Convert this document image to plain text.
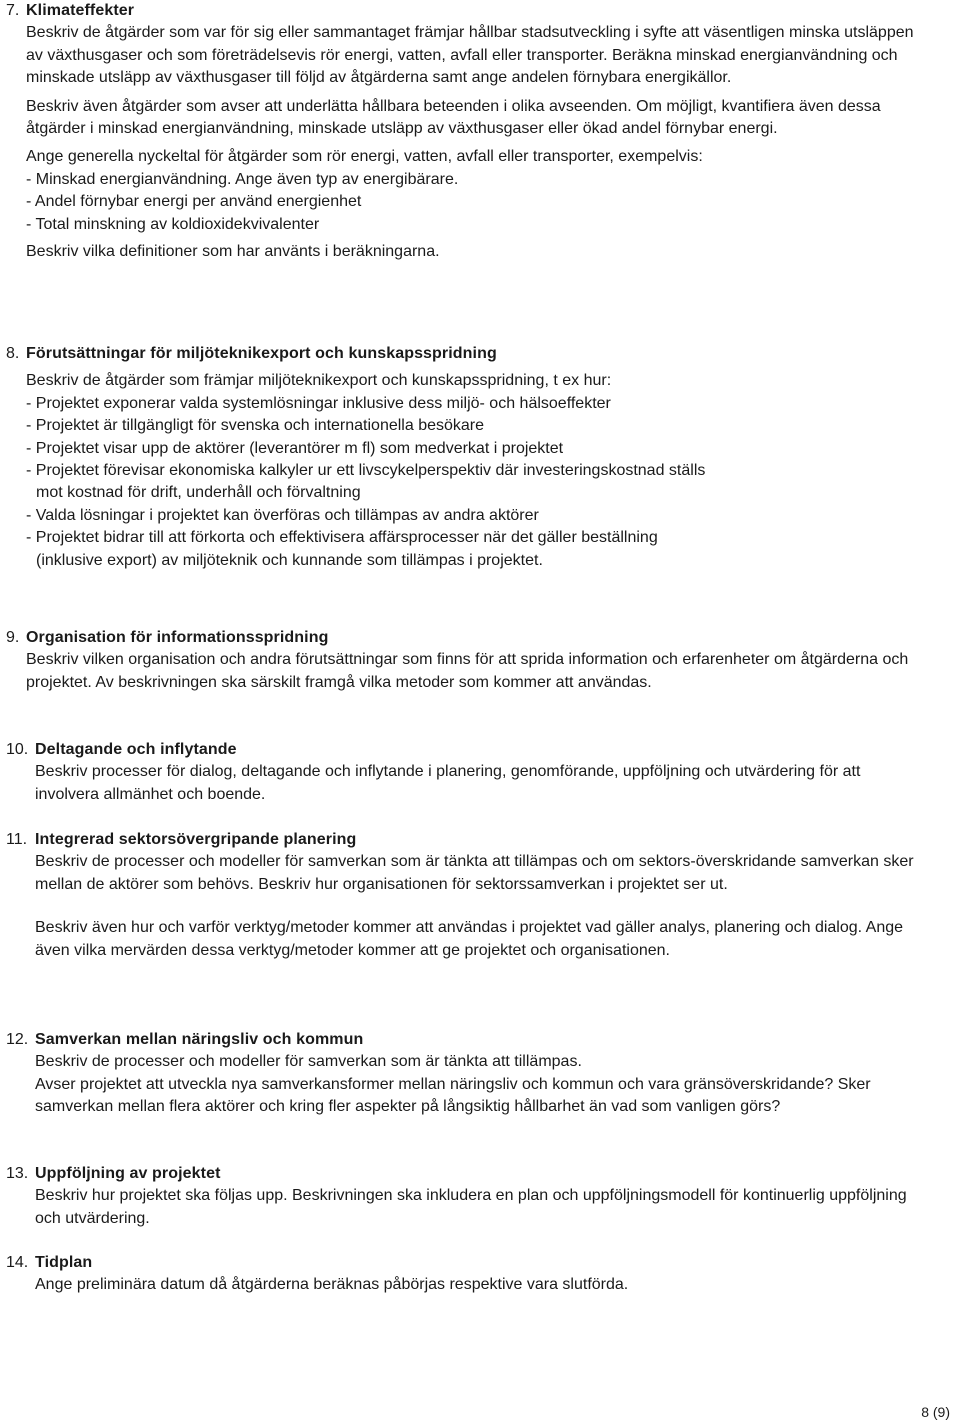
7. Klimateffekter

Beskriv de åtgärder som var för sig eller sammantaget främjar hållbar stadsutveckling i syfte att väsentligen minska utsläppen av växthusgaser och som företrädelsevis rör energi, vatten, avfall eller transporter. Beräkna minskad energianvändning och minskade utsläpp av växthusgaser till följd av åtgärderna samt ange andelen förnybara energikällor.

Beskriv även åtgärder som avser att underlätta hållbara beteenden i olika avseenden. Om möjligt, kvantifiera även dessa åtgärder i minskad energianvändning, minskade utsläpp av växthusgaser eller ökad andel förnybar energi.

Ange generella nyckeltal för åtgärder som rör energi, vatten, avfall eller transporter, exempelvis:

- Minskad energianvändning. Ange även typ av energibärare.

- Andel förnybar energi per använd energienhet

- Total minskning av koldioxidekvivalenter

Beskriv vilka definitioner som har använts i beräkningarna.

8. Förutsättningar för miljöteknikexport och kunskapsspridning

Beskriv de åtgärder som främjar miljöteknikexport och kunskapsspridning, t ex hur:

- Projektet exponerar valda systemlösningar inklusive dess miljö- och hälsoeffekter

- Projektet är tillgängligt för svenska och internationella besökare

- Projektet visar upp de aktörer (leverantörer m fl) som medverkat i projektet

- Projektet förevisar ekonomiska kalkyler ur ett livscykelperspektiv där investeringskostnad ställs
mot kostnad för drift, underhåll och förvaltning

- Valda lösningar i projektet kan överföras och tillämpas av andra aktörer

- Projektet bidrar till att förkorta och effektivisera affärsprocesser när det gäller beställning
(inklusive export) av miljöteknik och kunnande som tillämpas i projektet.

9. Organisation för informationsspridning

Beskriv vilken organisation och andra förutsättningar som finns för att sprida information och erfarenheter om åtgärderna och projektet. Av beskrivningen ska särskilt framgå vilka metoder som kommer att användas.

10. Deltagande och inflytande

Beskriv processer för dialog, deltagande och inflytande i planering, genomförande, uppföljning och utvärdering för att involvera allmänhet och boende.

11. Integrerad sektorsövergripande planering

Beskriv de processer och modeller för samverkan som är tänkta att tillämpas och om sektors-överskridande samverkan sker mellan de aktörer som behövs. Beskriv hur organisationen för sektorssamverkan i projektet ser ut.

Beskriv även hur och varför verktyg/metoder kommer att användas i projektet vad gäller analys, planering och dialog. Ange även vilka mervärden dessa verktyg/metoder kommer att ge projektet och organisationen.

12. Samverkan mellan näringsliv och kommun

Beskriv de processer och modeller för samverkan som är tänkta att tillämpas.

Avser projektet att utveckla nya samverkansformer mellan näringsliv och kommun och vara gränsöverskridande? Sker samverkan mellan flera aktörer och kring fler aspekter på långsiktig hållbarhet än vad som vanligen görs?

13. Uppföljning av projektet

Beskriv hur projektet ska följas upp. Beskrivningen ska inkludera en plan och uppföljningsmodell för kontinuerlig uppföljning och utvärdering.

14. Tidplan

Ange preliminära datum då åtgärderna beräknas påbörjas respektive vara slutförda.

8 (9)
